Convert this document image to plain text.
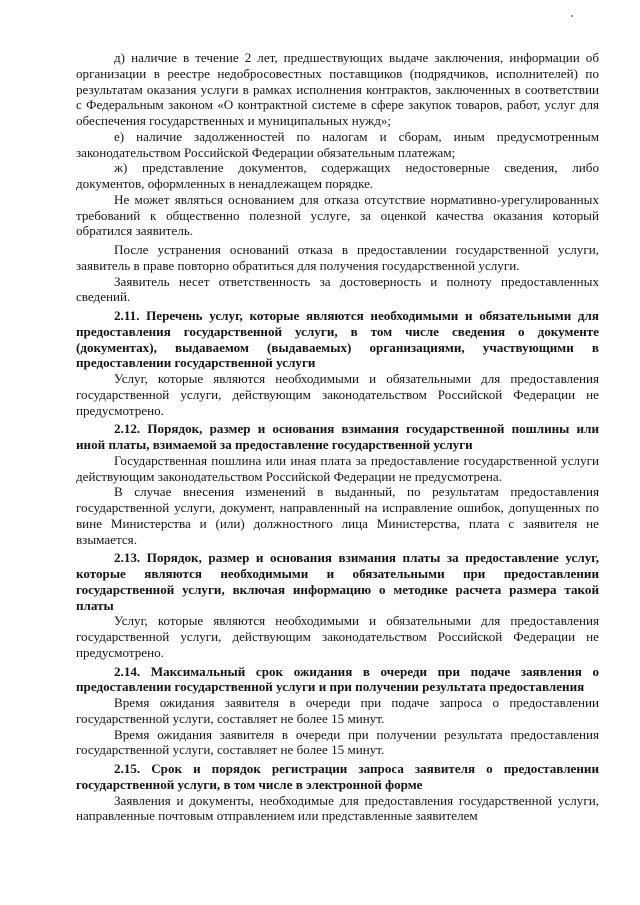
д) наличие в течение 2 лет, предшествующих выдаче заключения, информации об организации в реестре недобросовестных поставщиков (подрядчиков, исполнителей) по результатам оказания услуги в рамках исполнения контрактов, заключенных в соответствии с Федеральным законом «О контрактной системе в сфере закупок товаров, работ, услуг для обеспечения государственных и муниципальных нужд»;

е) наличие задолженностей по налогам и сборам, иным предусмотренным законодательством Российской Федерации обязательным платежам;

ж) представление документов, содержащих недостоверные сведения, либо документов, оформленных в ненадлежащем порядке.

Не может являться основанием для отказа отсутствие нормативно-урегулированных требований к общественно полезной услуге, за оценкой качества оказания который обратился заявитель.

После устранения оснований отказа в предоставлении государственной услуги, заявитель в праве повторно обратиться для получения государственной услуги.

Заявитель несет ответственность за достоверность и полноту предоставленных сведений.

2.11. Перечень услуг, которые являются необходимыми и обязательными для предоставления государственной услуги, в том числе сведения о документе (документах), выдаваемом (выдаваемых) организациями, участвующими в предоставлении государственной услуги

Услуг, которые являются необходимыми и обязательными для предоставления государственной услуги, действующим законодательством Российской Федерации не предусмотрено.

2.12. Порядок, размер и основания взимания государственной пошлины или иной платы, взимаемой за предоставление государственной услуги

Государственная пошлина или иная плата за предоставление государственной услуги действующим законодательством Российской Федерации не предусмотрена.

В случае внесения изменений в выданный, по результатам предоставления государственной услуги, документ, направленный на исправление ошибок, допущенных по вине Министерства и (или) должностного лица Министерства, плата с заявителя не взымается.

2.13. Порядок, размер и основания взимания платы за предоставление услуг, которые являются необходимыми и обязательными при предоставлении государственной услуги, включая информацию о методике расчета размера такой платы

Услуг, которые являются необходимыми и обязательными для предоставления государственной услуги, действующим законодательством Российской Федерации не предусмотрено.

2.14. Максимальный срок ожидания в очереди при подаче заявления о предоставлении государственной услуги и при получении результата предоставления

Время ожидания заявителя в очереди при подаче запроса о предоставлении государственной услуги, составляет не более 15 минут.

Время ожидания заявителя в очереди при получении результата предоставления государственной услуги, составляет не более 15 минут.

2.15. Срок и порядок регистрации запроса заявителя о предоставлении государственной услуги, в том числе в электронной форме

Заявления и документы, необходимые для предоставления государственной услуги, направленные почтовым отправлением или представленные заявителем
